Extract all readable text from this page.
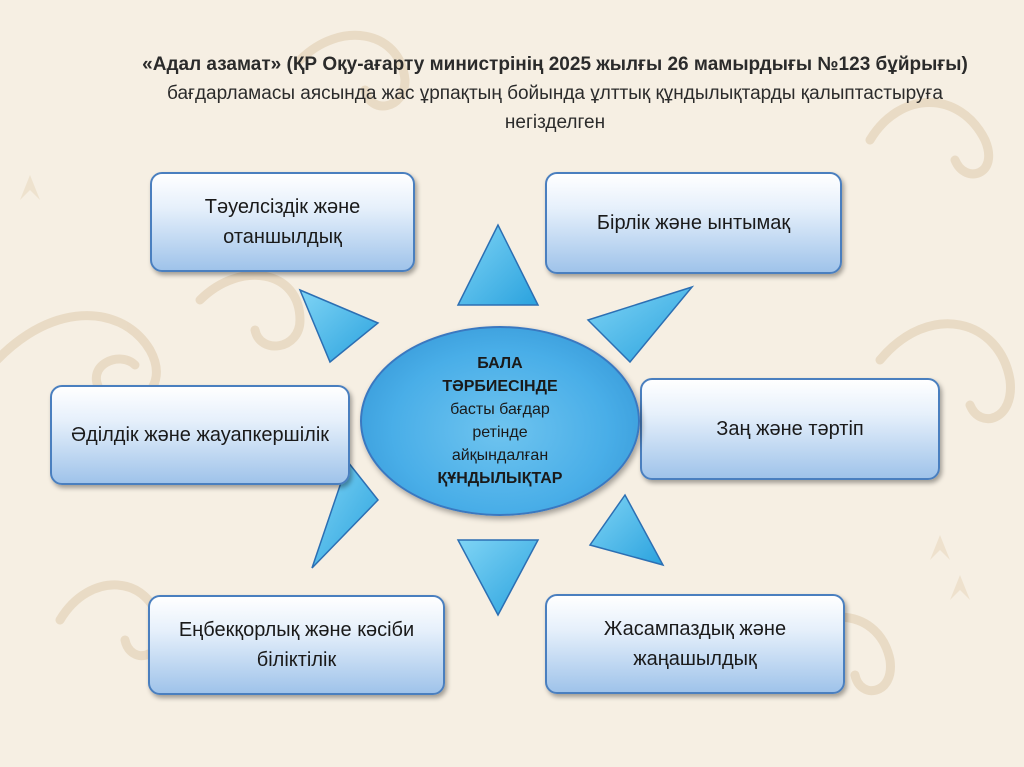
«Адал азамат» (ҚР Оқу-ағарту министрінің 2025 жылғы 26 мамырдығы №123 бұйрығы) бағдарламасы аясында жас ұрпақтың бойында ұлттық құндылықтарды қалыптастыруға негізделген
Тәуелсіздік және отаншылдық
Бірлік және ынтымақ
Әділдік және жауапкершілік	Заң және тәртіп
Еңбекқорлық және кәсіби біліктілік
Жасампаздық және жаңашылдық
БАЛА
ТӘРБИЕСІНДЕ
басты бағдар
ретінде
айқындалған
ҚҰНДЫЛЫҚТАР
